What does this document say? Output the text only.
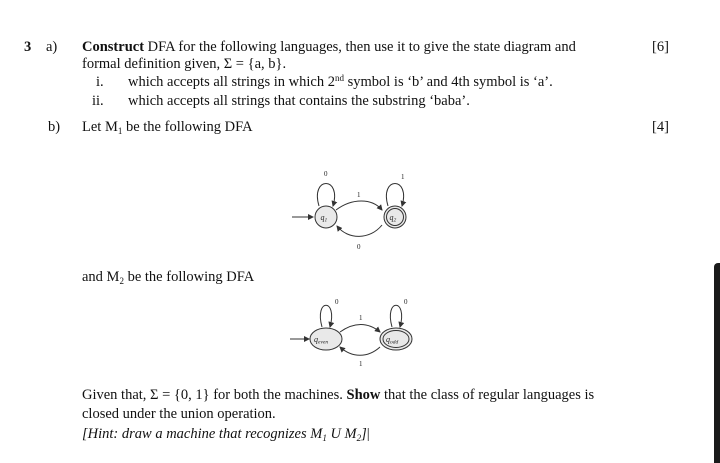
3 a) Construct DFA for the following languages, then use it to give the state diagram and	[6]
formal definition given, Σ = {a, b}.
i. which accepts all strings in which 2nd symbol is ‘b’ and 4th symbol is ‘a’.
ii. which accepts all strings that contains the substring ‘baba’.
b) Let $M_1$ be the following DFA	[4]
0	1
1
0
q1	q2
and $M_2$ be the following DFA
0	0
1
1
qeven	qodd
Given that, Σ = {0, 1} for both the machines. Show that the class of regular languages is
closed under the union operation.
[Hint: draw a machine that recognizes $M_1$ U $M_2]|$
